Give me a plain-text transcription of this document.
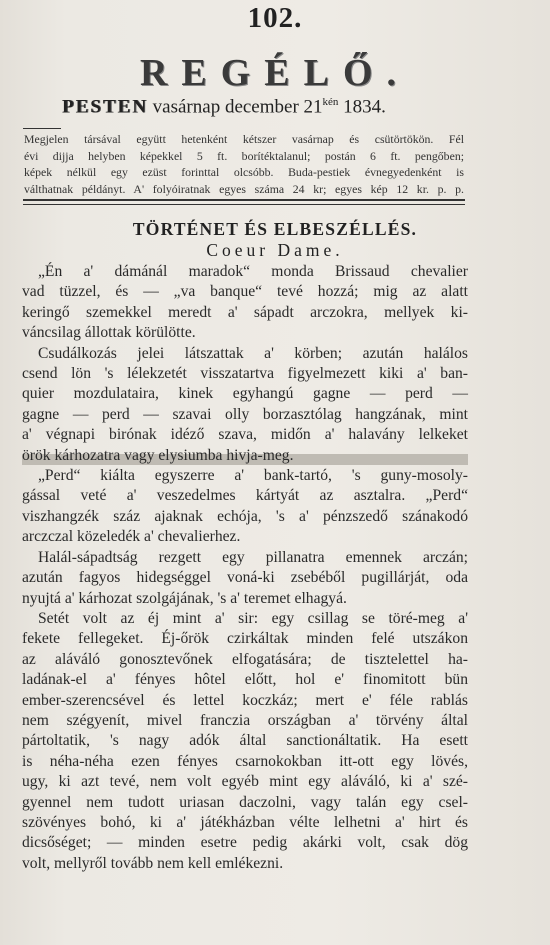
102.
REGÉLŐ.
PESTEN vasárnap december $21^{kén}$ 1834.

Megjelen társával együtt hetenként kétszer vasárnap és csütörtökön. Fél

évi dijja helyben képekkel 5 ft. borítéktalanul; postán 6 ft. pengőben;

képek nélkül egy ezüst forinttal olcsóbb. Buda-pestiek évnegyedenként is

válthatnak példányt. A' folyóiratnak egyes száma 24 kr; egyes kép 12 kr. p. p.

TÖRTÉNET ÉS ELBESZÉLLÉS.
Coeur Dame.

„Én a' dámánál maradok“ monda Brissaud chevalier
vad tüzzel, és — „va banque“ tevé hozzá; mig az alatt
keringő szemekkel meredt a' sápadt arczokra, mellyek ki-
váncsilag állottak körülötte.

Csudálkozás jelei látszattak a' körben; azután halálos
csend lön 's lélekzetét visszatartva figyelmezett kiki a' ban-
quier mozdulataira, kinek egyhangú gagne — perd —
gagne — perd — szavai olly borzasztólag hangzának, mint
a' végnapi birónak idéző szava, midőn a' halavány lelkeket
örök kárhozatra vagy elysiumba hivja-meg.

„Perd“ kiálta egyszerre a' bank-tartó, 's guny-mosoly-
gással veté a' veszedelmes kártyát az asztalra. „Perd“
viszhangzék száz ajaknak echója, 's a' pénzszedő szánakodó
arczczal közeledék a' chevalierhez.

Halál-sápadtság rezgett egy pillanatra emennek arczán;
azután fagyos hidegséggel voná-ki zsebéből pugillárját, oda
nyujtá a' kárhozat szolgájának, 's a' teremet elhagyá.

Setét volt az éj mint a' sir: egy csillag se töré-meg a'
fekete fellegeket. Éj-őrök czirkáltak minden felé utszákon
az aláváló gonosztevőnek elfogatására; de tisztelettel ha-
ladának-el a' fényes hôtel előtt, hol e' finomitott bün
ember-szerencsével és lettel koczkáz; mert e' féle rablás
nem szégyenít, mivel franczia országban a' törvény által
pártoltatik, 's nagy adók által sanctionáltatik. Ha esett
is néha-néha ezen fényes csarnokokban itt-ott egy lövés,
ugy, ki azt tevé, nem volt egyéb mint egy aláváló, ki a' szé-
gyennel nem tudott uriasan daczolni, vagy talán egy csel-
szövényes bohó, ki a' játékházban vélte lelhetni a' hirt és
dicsőséget; — minden esetre pedig akárki volt, csak dög
volt, mellyről tovább nem kell emlékezni.
